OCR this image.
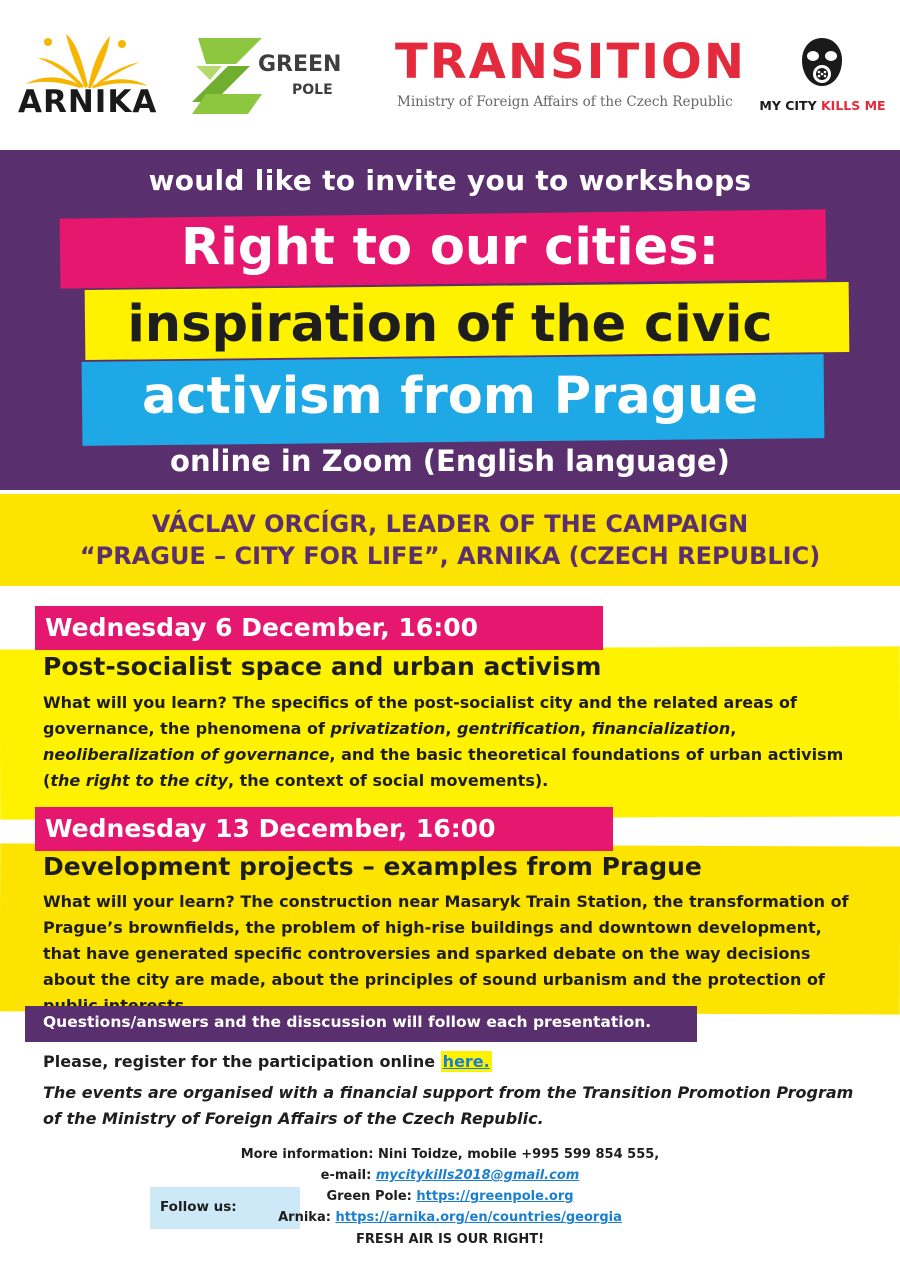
ARNIKA
GREEN
POLE TRANSITION
Ministry of Foreign Affairs of the Czech Republic	MY CITY KILLS ME
would like to invite you to workshops
Right to our cities:
inspiration of the civic
activism from Prague
online in Zoom (English language)
VÁCLAV ORCÍGR, LEADER OF THE CAMPAIGN
“PRAGUE – CITY FOR LIFE”, ARNIKA (CZECH REPUBLIC)
Wednesday 6 December, 16:00
Post-socialist space and urban activism
What will you learn? The specifics of the post-socialist city and the related areas of governance, the phenomena of privatization, gentrification, financialization, neoliberalization of governance, and the basic theoretical foundations of urban activism (the right to the city, the context of social movements).
Wednesday 13 December, 16:00
Development projects – examples from Prague
What will your learn? The construction near Masaryk Train Station, the transformation of Prague’s brownfields, the problem of high-rise buildings and downtown development, that have generated specific controversies and sparked debate on the way decisions about the city are made, about the principles of sound urbanism and the protection of
Questions/answers and the disscussion will follow each presentation.
Please, register for the participation online here.
The events are organised with a financial support from the Transition Promotion Program of the Ministry of Foreign Affairs of the Czech Republic.
Follow us:
More information: Nini Toidze, mobile +995 599 854 555,
e-mail: mycitykills2018@gmail.com
Green Pole: https://greenpole.org
Arnika: https://arnika.org/en/countries/georgia
FRESH AIR IS OUR RIGHT!
